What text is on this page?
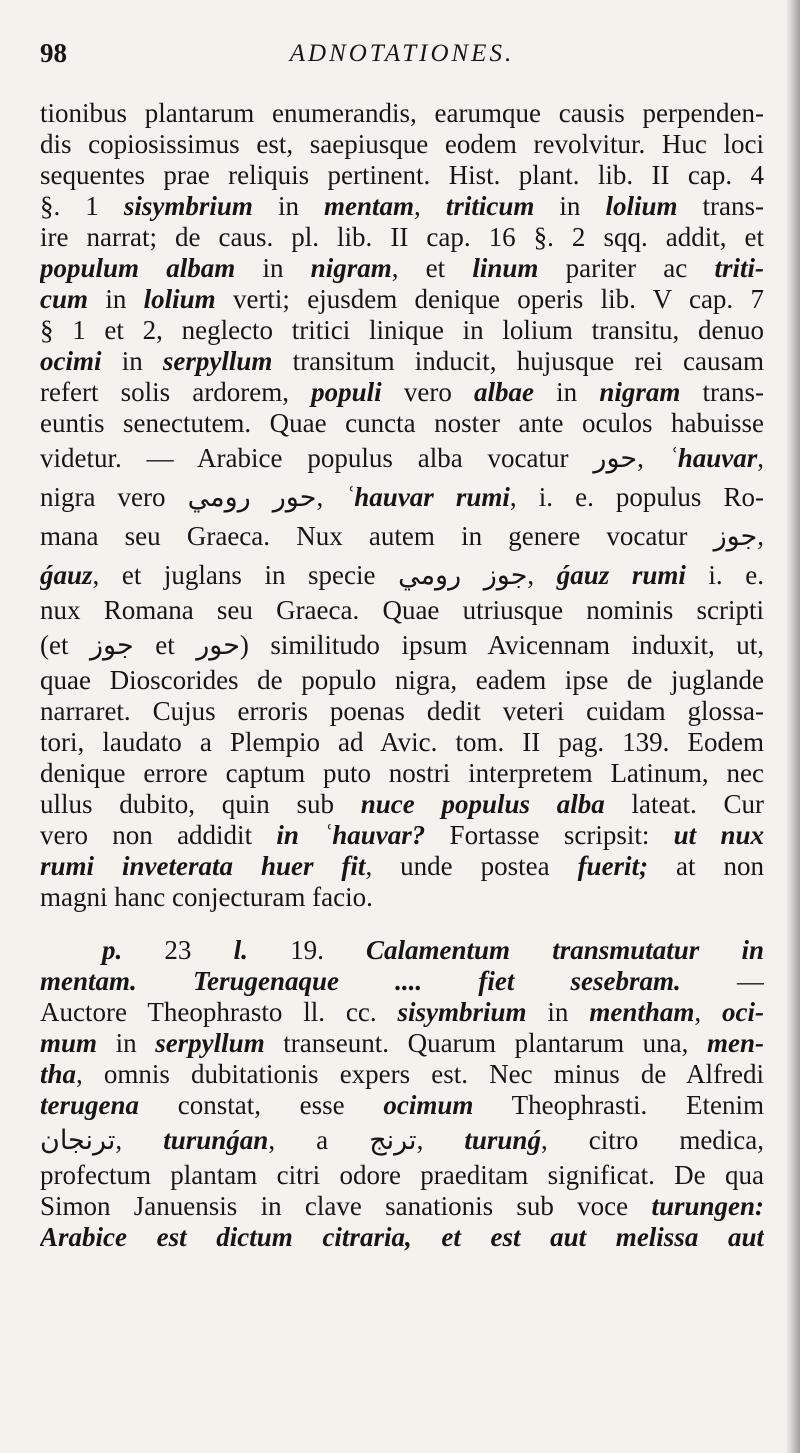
98	ADNOTATIONES.
tionibus plantarum enumerandis, earumque causis perpenden-
dis copiosissimus est, saepiusque eodem revolvitur. Huc loci
sequentes prae reliquis pertinent. Hist. plant. lib. II cap. 4
§. 1 sisymbrium in mentam, triticum in lolium trans-
ire narrat; de caus. pl. lib. II cap. 16 §. 2 sqq. addit, et
populum albam in nigram, et linum pariter ac triti-
cum in lolium verti; ejusdem denique operis lib. V cap. 7
§ 1 et 2, neglecto tritici linique in lolium transitu, denuo
ocimi in serpyllum transitum inducit, hujusque rei causam
refert solis ardorem, populi vero albae in nigram trans-
euntis senectutem. Quae cuncta noster ante oculos habuisse
videtur. — Arabice populus alba vocatur حور, ʿhauvar,
nigra vero حور رومي, ʿhauvar rumi, i. e. populus Ro-
mana seu Graeca. Nux autem in genere vocatur جوز,
ǵauz, et juglans in specie جوز رومي, ǵauz rumi i. e.
nux Romana seu Graeca. Quae utriusque nominis scripti
(et جوز et حور) similitudo ipsum Avicennam induxit, ut,
quae Dioscorides de populo nigra, eadem ipse de juglande
narraret. Cujus erroris poenas dedit veteri cuidam glossa-
tori, laudato a Plempio ad Avic. tom. II pag. 139. Eodem
denique errore captum puto nostri interpretem Latinum, nec
ullus dubito, quin sub nuce populus alba lateat. Cur
vero non addidit in ʿhauvar? Fortasse scripsit: ut nux
rumi inveterata huer fit, unde postea fuerit; at non
magni hanc conjecturam facio.
p. 23 l. 19. Calamentum transmutatur in
mentam. Terugenaque .... fiet sesebram. —
Auctore Theophrasto ll. cc. sisymbrium in mentham, oci-
mum in serpyllum transeunt. Quarum plantarum una, men-
tha, omnis dubitationis expers est. Nec minus de Alfredi
terugena constat, esse ocimum Theophrasti. Etenim
ترنجان, turunǵan, a ترنج, turunǵ, citro medica,
profectum plantam citri odore praeditam significat. De qua
Simon Januensis in clave sanationis sub voce turungen:
Arabice est dictum citraria, et est aut melissa aut
